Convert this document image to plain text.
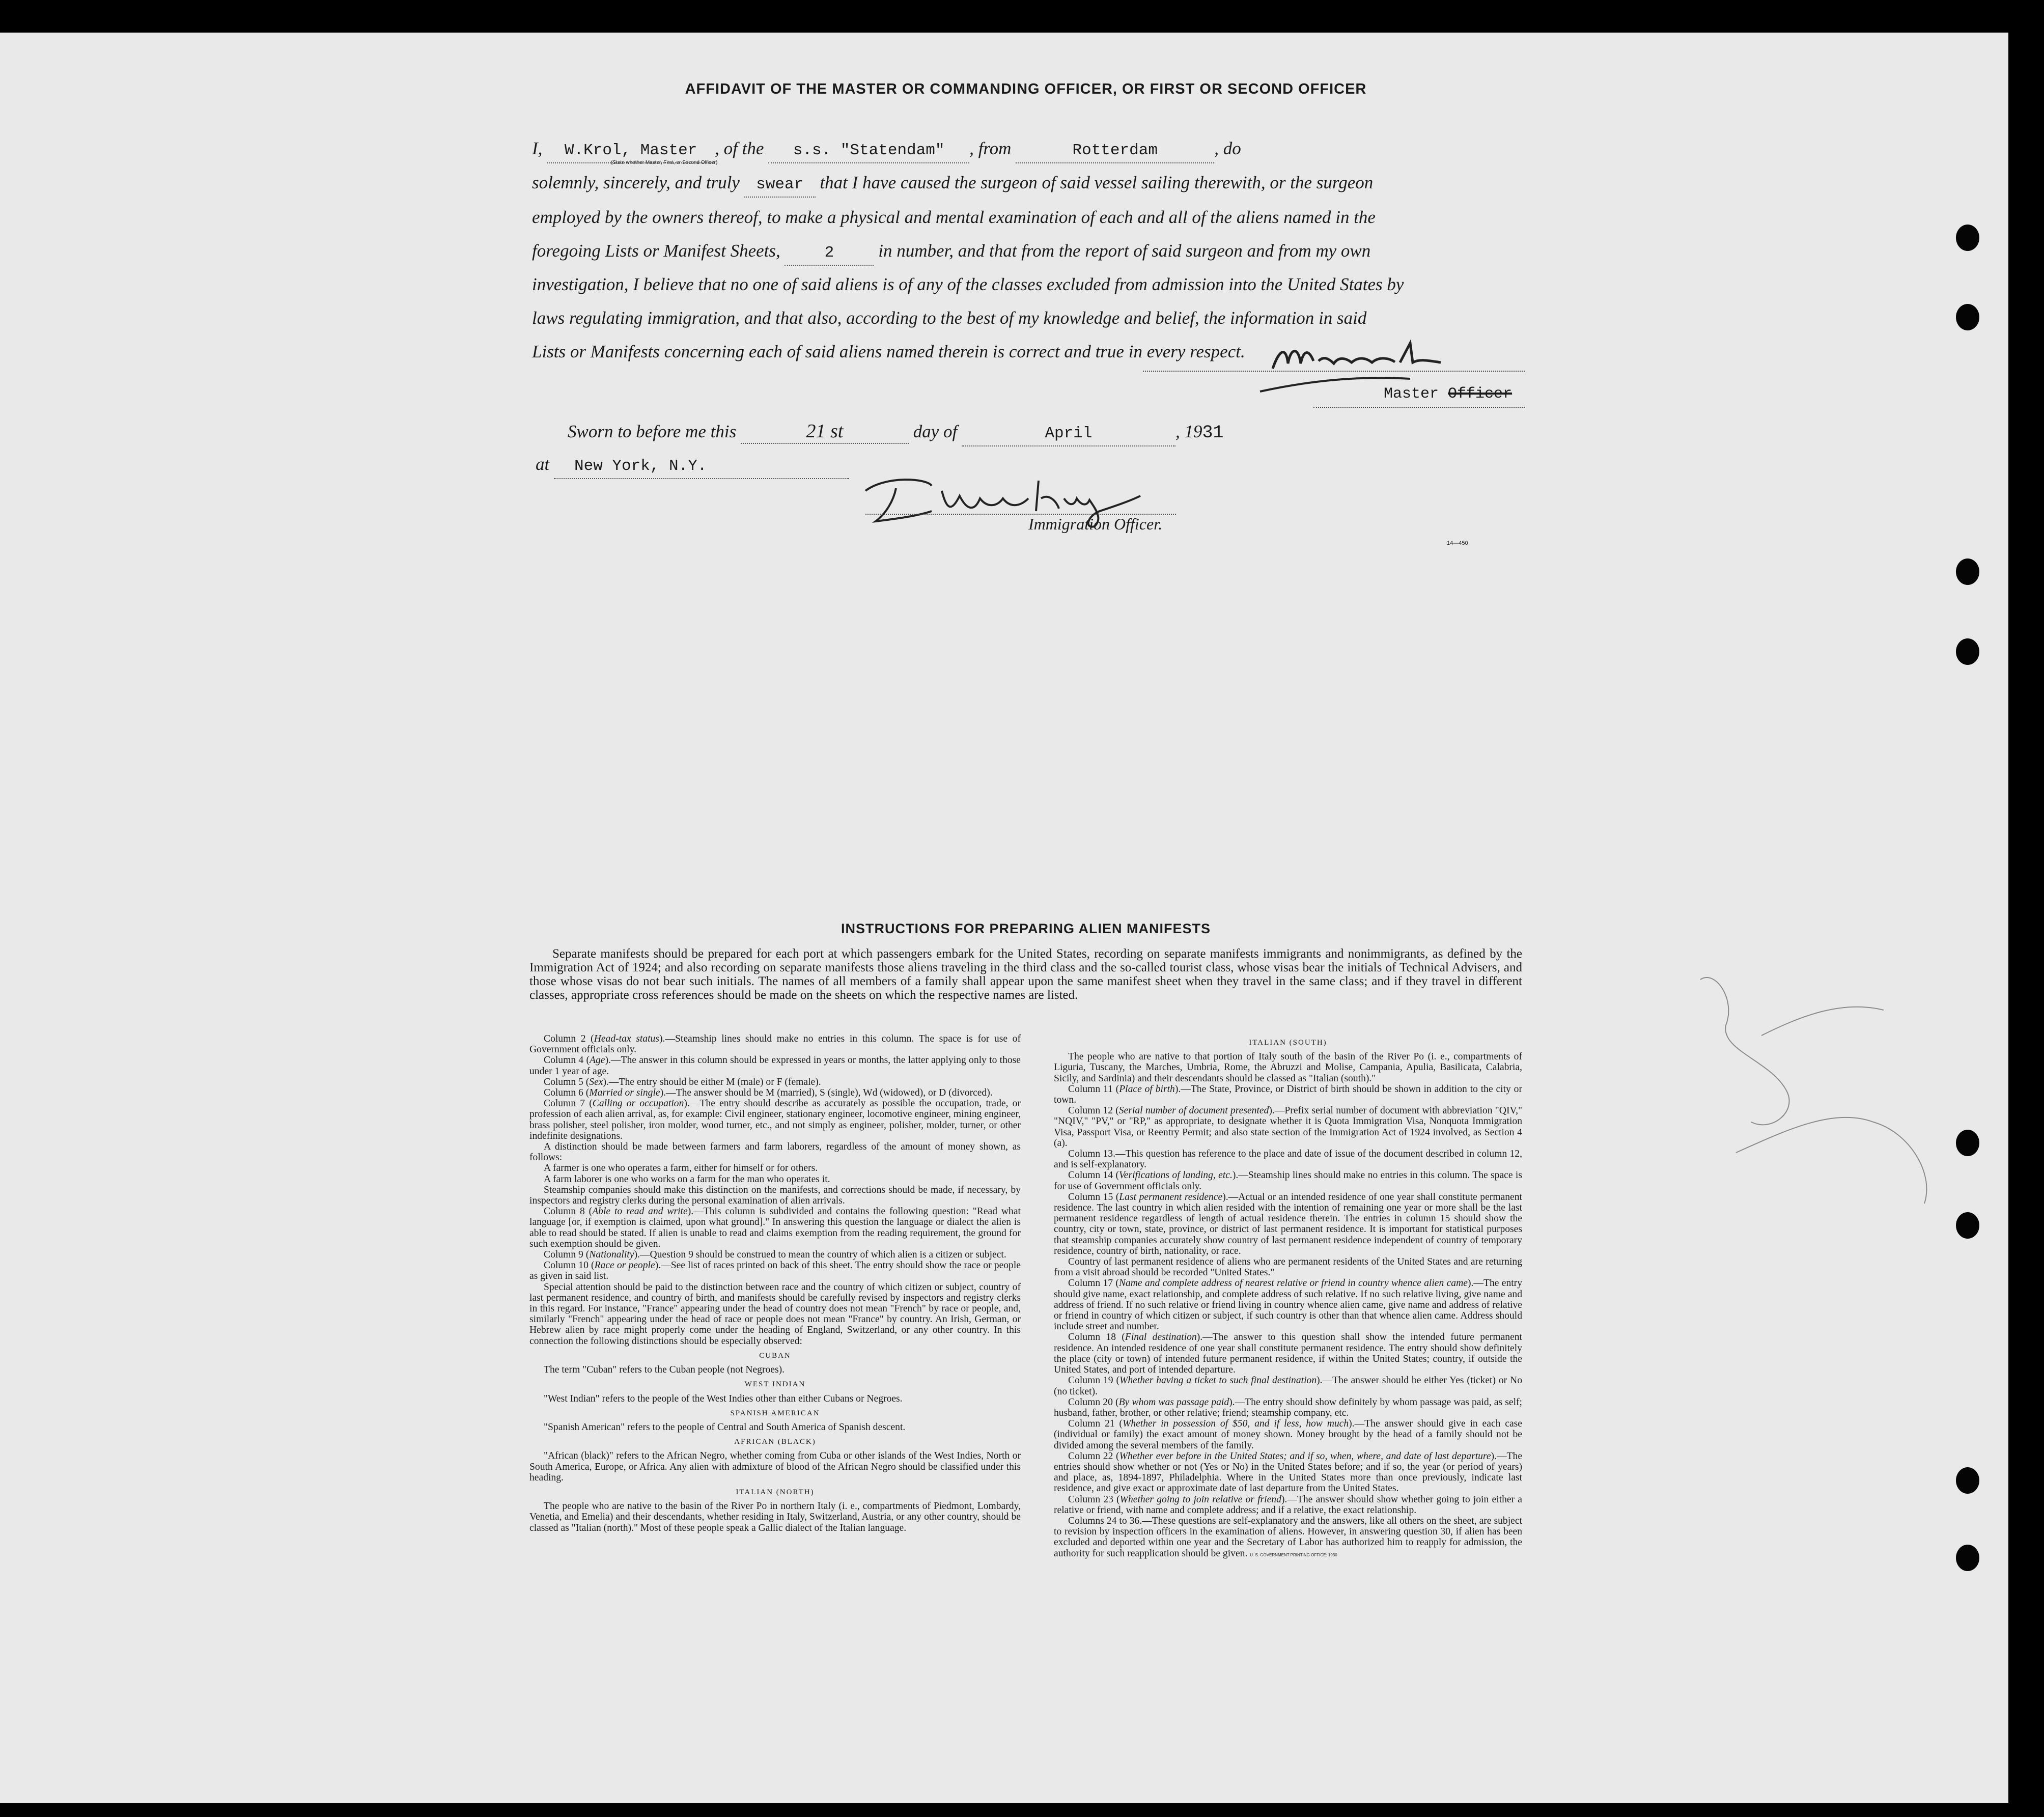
AFFIDAVIT OF THE MASTER OR COMMANDING OFFICER, OR FIRST OR SECOND OFFICER
I, W.Krol, Master , of the s.s. "Statendam" , from	Rotterdam	, do
(State whether Master, First, or Second Officer)
solemnly, sincerely, and truly swear that I have caused the surgeon of said vessel sailing therewith, or the surgeon
employed by the owners thereof, to make a physical and mental examination of each and all of the aliens named in the
foregoing Lists or Manifest Sheets,	2 in number, and that from the report of said surgeon and from my own
investigation, I believe that no one of said aliens is of any of the classes excluded from admission into the United States by
laws regulating immigration, and that also, according to the best of my knowledge and belief, the information in said
Lists or Manifests concerning each of said aliens named therein is correct and true in every respect.
Master Officer
Sworn to before me this	21 st	day of	April	, 1931
at New York, N.Y.
Immigration Officer.
14—450
INSTRUCTIONS FOR PREPARING ALIEN MANIFESTS
Separate manifests should be prepared for each port at which passengers embark for the United States, recording on separate manifests immigrants and nonimmigrants, as defined by the Immigration Act of 1924; and also recording on separate manifests those aliens traveling in the third class and the so-called tourist class, whose visas bear the initials of Technical Advisers, and those whose visas do not bear such initials. The names of all members of a family shall appear upon the same manifest sheet when they travel in the same class; and if they travel in different classes, appropriate cross references should be made on the sheets on which the respective names are listed.

Column 2 (Head-tax status).—Steamship lines should make no entries in this column. The space is for use of Government officials only.

Column 4 (Age).—The answer in this column should be expressed in years or months, the latter applying only to those under 1 year of age.

Column 5 (Sex).—The entry should be either M (male) or F (female).

Column 6 (Married or single).—The answer should be M (married), S (single), Wd (widowed), or D (divorced).

Column 7 (Calling or occupation).—The entry should describe as accurately as possible the occupation, trade, or profession of each alien arrival, as, for example: Civil engineer, stationary engineer, locomotive engineer, mining engineer, brass polisher, steel polisher, iron molder, wood turner, etc., and not simply as engineer, polisher, molder, turner, or other indefinite designations.

A distinction should be made between farmers and farm laborers, regardless of the amount of money shown, as follows:

A farmer is one who operates a farm, either for himself or for others.

A farm laborer is one who works on a farm for the man who operates it.

Steamship companies should make this distinction on the manifests, and corrections should be made, if necessary, by inspectors and registry clerks during the personal examination of alien arrivals.

Column 8 (Able to read and write).—This column is subdivided and contains the following question: "Read what language [or, if exemption is claimed, upon what ground]." In answering this question the language or dialect the alien is able to read should be stated. If alien is unable to read and claims exemption from the reading requirement, the ground for such exemption should be given.

Column 9 (Nationality).—Question 9 should be construed to mean the country of which alien is a citizen or subject.

Column 10 (Race or people).—See list of races printed on back of this sheet. The entry should show the race or people as given in said list.

Special attention should be paid to the distinction between race and the country of which citizen or subject, country of last permanent residence, and country of birth, and manifests should be carefully revised by inspectors and registry clerks in this regard. For instance, "France" appearing under the head of country does not mean "French" by race or people, and, similarly "French" appearing under the head of race or people does not mean "France" by country. An Irish, German, or Hebrew alien by race might properly come under the heading of England, Switzerland, or any other country. In this connection the following distinctions should be especially observed:

CUBAN

The term "Cuban" refers to the Cuban people (not Negroes).

WEST INDIAN

"West Indian" refers to the people of the West Indies other than either Cubans or Negroes.

SPANISH AMERICAN

"Spanish American" refers to the people of Central and South America of Spanish descent.

AFRICAN (BLACK)

"African (black)" refers to the African Negro, whether coming from Cuba or other islands of the West Indies, North or South America, Europe, or Africa. Any alien with admixture of blood of the African Negro should be classified under this heading.

ITALIAN (NORTH)

The people who are native to the basin of the River Po in northern Italy (i. e., compartments of Piedmont, Lombardy, Venetia, and Emelia) and their descendants, whether residing in Italy, Switzerland, Austria, or any other country, should be classed as "Italian (north)." Most of these people speak a Gallic dialect of the Italian language.

ITALIAN (SOUTH)

The people who are native to that portion of Italy south of the basin of the River Po (i. e., compartments of Liguria, Tuscany, the Marches, Umbria, Rome, the Abruzzi and Molise, Campania, Apulia, Basilicata, Calabria, Sicily, and Sardinia) and their descendants should be classed as "Italian (south)."

Column 11 (Place of birth).—The State, Province, or District of birth should be shown in addition to the city or town.

Column 12 (Serial number of document presented).—Prefix serial number of document with abbreviation "QIV," "NQIV," "PV," or "RP," as appropriate, to designate whether it is Quota Immigration Visa, Nonquota Immigration Visa, Passport Visa, or Reentry Permit; and also state section of the Immigration Act of 1924 involved, as Section 4 (a).

Column 13.—This question has reference to the place and date of issue of the document described in column 12, and is self-explanatory.

Column 14 (Verifications of landing, etc.).—Steamship lines should make no entries in this column. The space is for use of Government officials only.

Column 15 (Last permanent residence).—Actual or an intended residence of one year shall constitute permanent residence. The last country in which alien resided with the intention of remaining one year or more shall be the last permanent residence regardless of length of actual residence therein. The entries in column 15 should show the country, city or town, state, province, or district of last permanent residence. It is important for statistical purposes that steamship companies accurately show country of last permanent residence independent of country of temporary residence, country of birth, nationality, or race.

Country of last permanent residence of aliens who are permanent residents of the United States and are returning from a visit abroad should be recorded "United States."

Column 17 (Name and complete address of nearest relative or friend in country whence alien came).—The entry should give name, exact relationship, and complete address of such relative. If no such relative living, give name and address of friend. If no such relative or friend living in country whence alien came, give name and address of relative or friend in country of which citizen or subject, if such country is other than that whence alien came. Address should include street and number.

Column 18 (Final destination).—The answer to this question shall show the intended future permanent residence. An intended residence of one year shall constitute permanent residence. The entry should show definitely the place (city or town) of intended future permanent residence, if within the United States; country, if outside the United States, and port of intended departure.

Column 19 (Whether having a ticket to such final destination).—The answer should be either Yes (ticket) or No (no ticket).

Column 20 (By whom was passage paid).—The entry should show definitely by whom passage was paid, as self; husband, father, brother, or other relative; friend; steamship company, etc.

Column 21 (Whether in possession of $50, and if less, how much).—The answer should give in each case (individual or family) the exact amount of money shown. Money brought by the head of a family should not be divided among the several members of the family.

Column 22 (Whether ever before in the United States; and if so, when, where, and date of last departure).—The entries should show whether or not (Yes or No) in the United States before; and if so, the year (or period of years) and place, as, 1894-1897, Philadelphia. Where in the United States more than once previously, indicate last residence, and give exact or approximate date of last departure from the United States.

Column 23 (Whether going to join relative or friend).—The answer should show whether going to join either a relative or friend, with name and complete address; and if a relative, the exact relationship.

Columns 24 to 36.—These questions are self-explanatory and the answers, like all others on the sheet, are subject to revision by inspection officers in the examination of aliens. However, in answering question 30, if alien has been excluded and deported within one year and the Secretary of Labor has authorized him to reapply for admission, the authority for such reapplication should be given. U. S. GOVERNMENT PRINTING OFFICE: 1930
